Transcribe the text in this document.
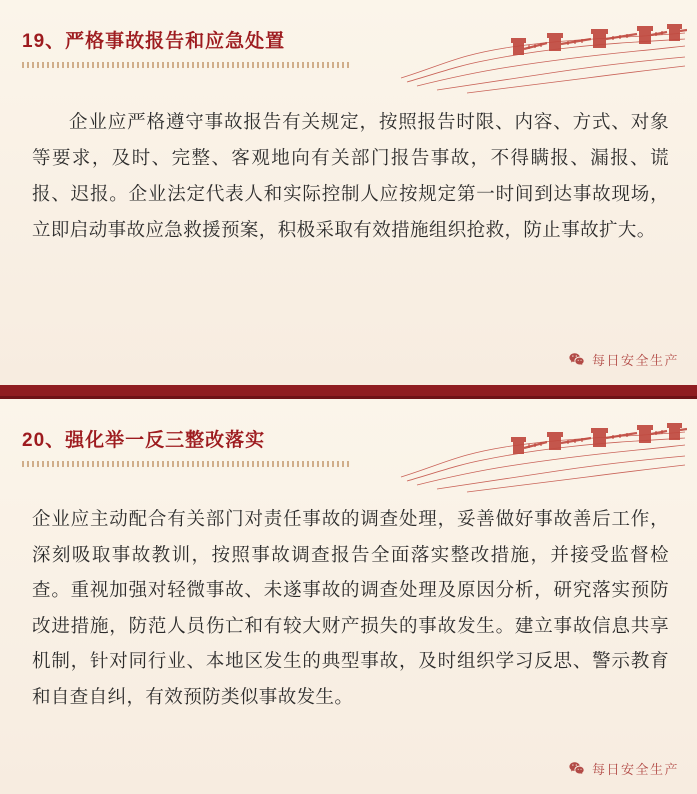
19、严格事故报告和应急处置
企业应严格遵守事故报告有关规定，按照报告时限、内容、方式、对象等要求，及时、完整、客观地向有关部门报告事故，不得瞒报、漏报、谎报、迟报。企业法定代表人和实际控制人应按规定第一时间到达事故现场，立即启动事故应急救援预案，积极采取有效措施组织抢救，防止事故扩大。
每日安全生产
20、强化举一反三整改落实
企业应主动配合有关部门对责任事故的调查处理，妥善做好事故善后工作，深刻吸取事故教训，按照事故调查报告全面落实整改措施，并接受监督检查。重视加强对轻微事故、未遂事故的调查处理及原因分析，研究落实预防改进措施，防范人员伤亡和有较大财产损失的事故发生。建立事故信息共享机制，针对同行业、本地区发生的典型事故，及时组织学习反思、警示教育和自查自纠，有效预防类似事故发生。
每日安全生产
